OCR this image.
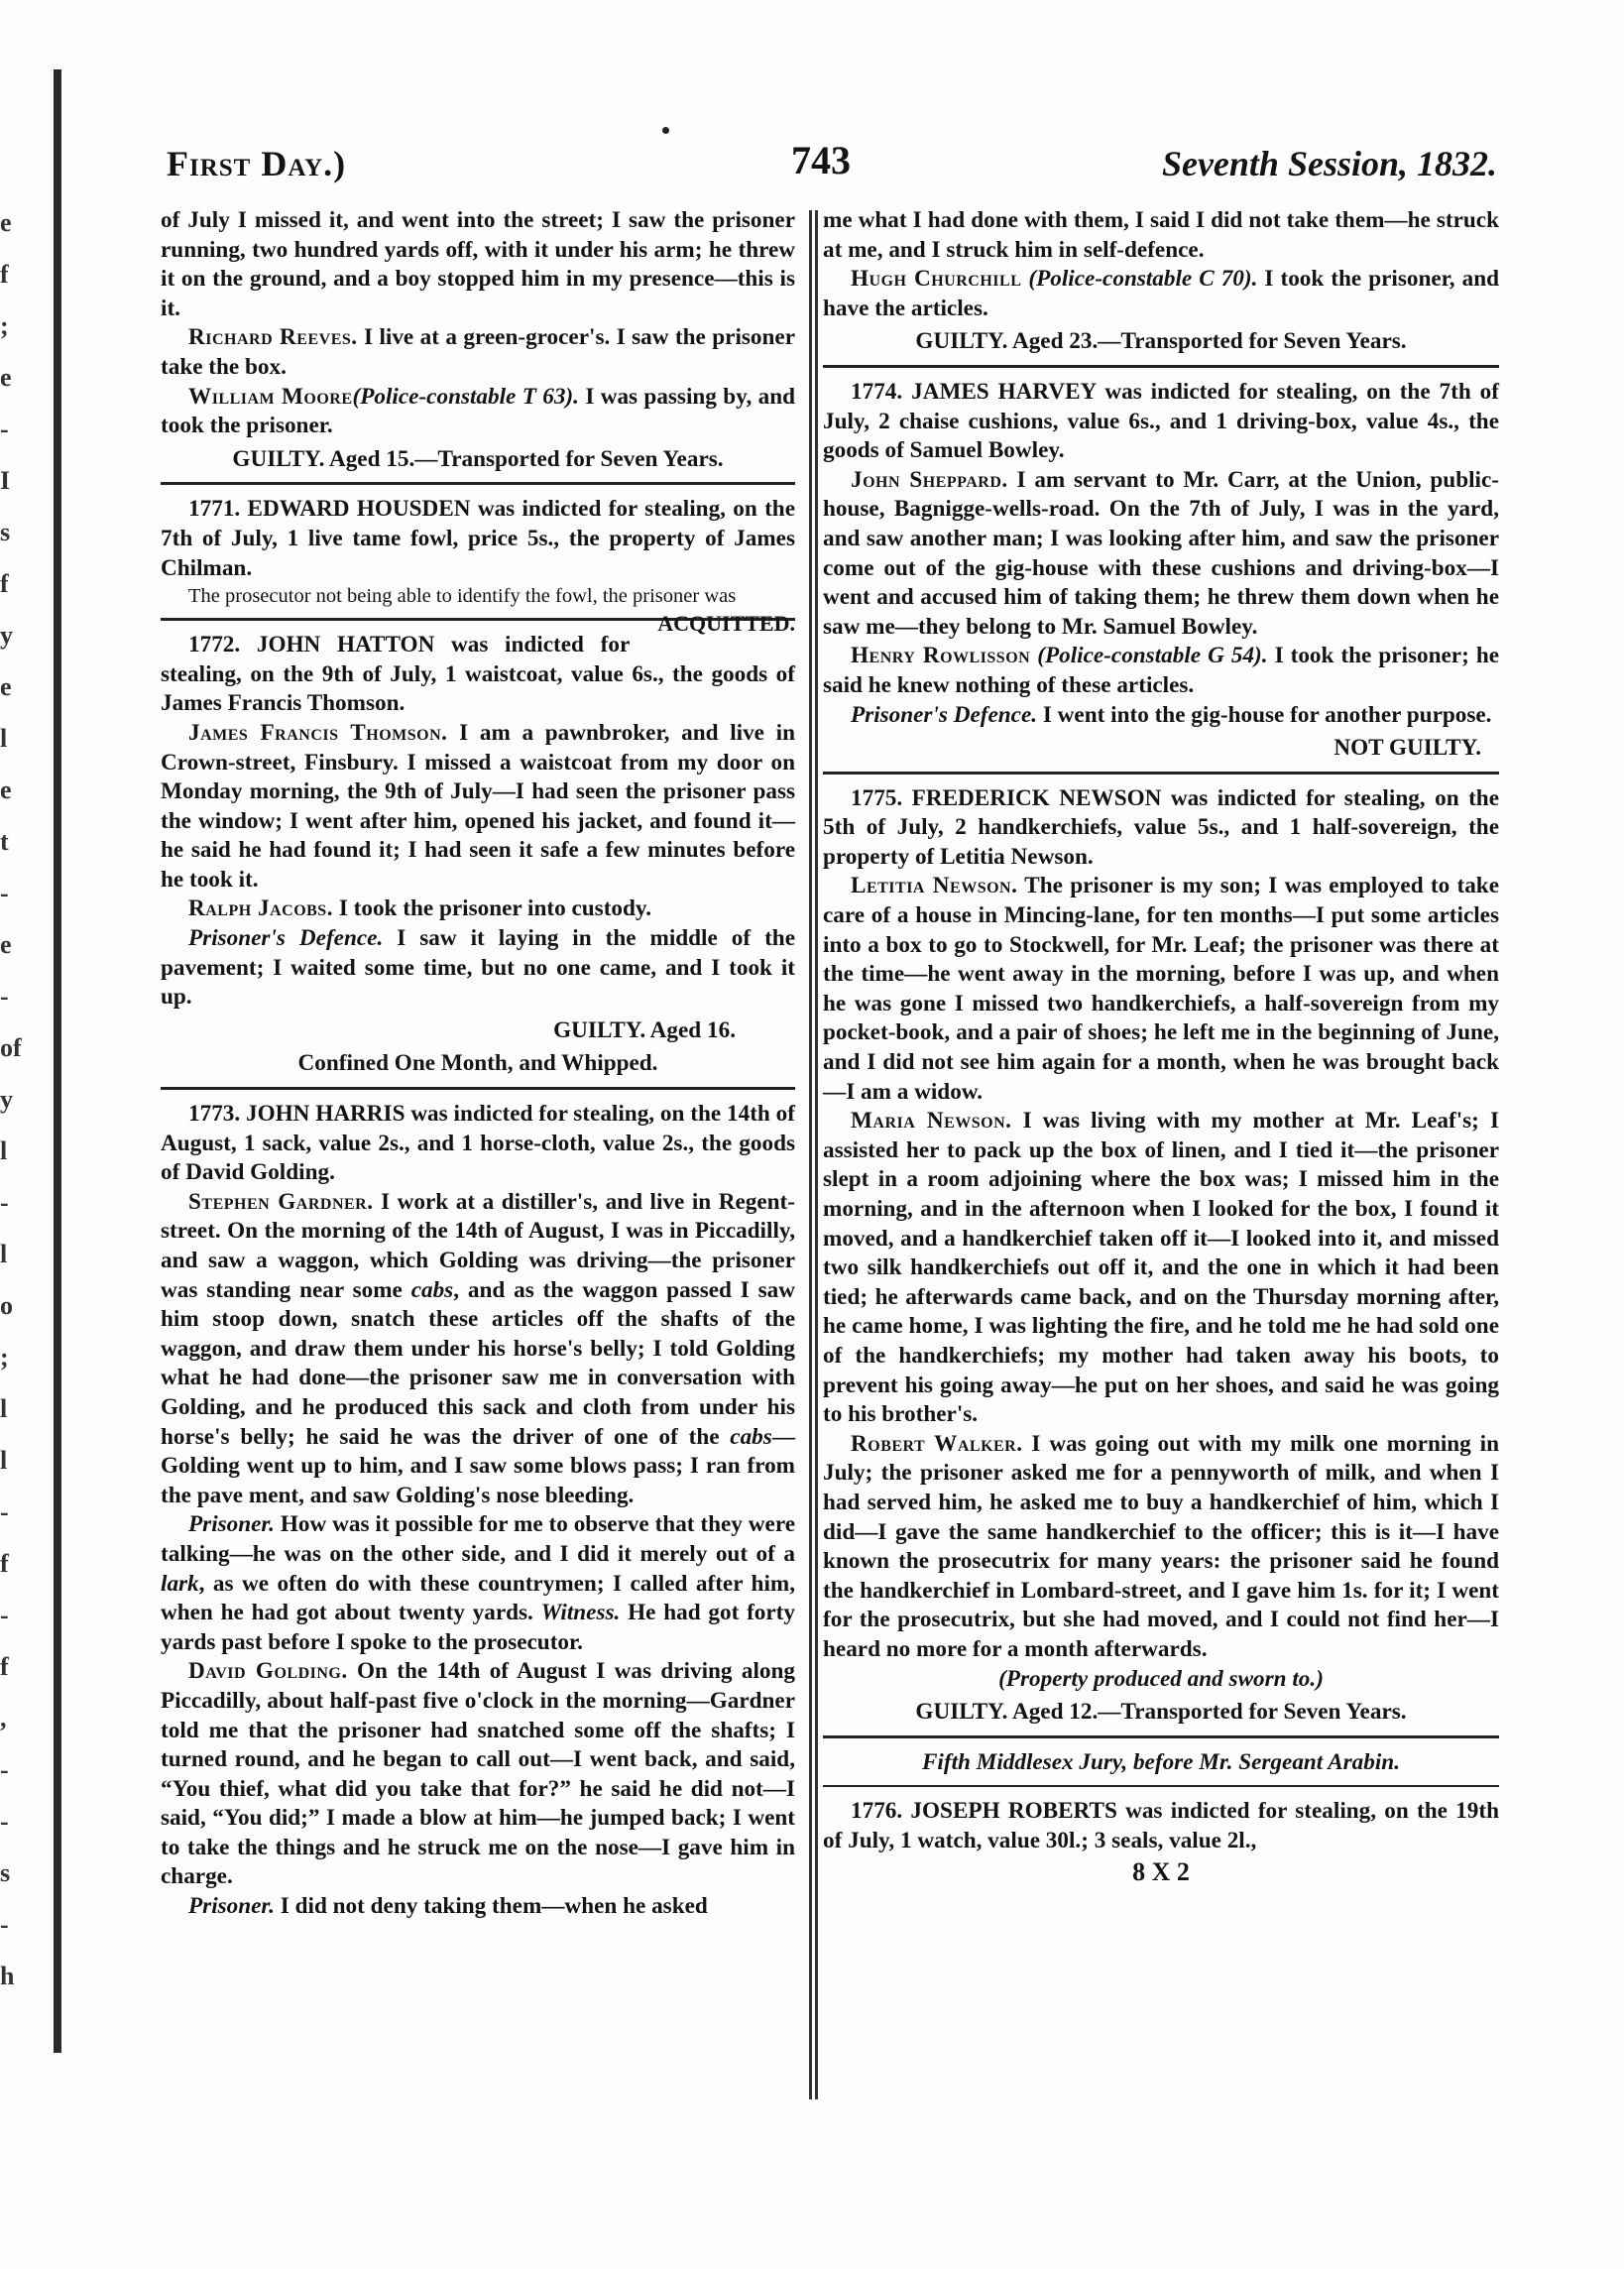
e
f
;
e
-
I
s
f
y
e
l
e
t
-
e
-
of
y
l
-
l
o
;
l
l
-
f
-
f
,
-
-
s
-
h
First Day.)	743	Seventh Session, 1832.

of July I missed it, and went into the street; I saw the prisoner running, two hundred yards off, with it under his arm; he threw it on the ground, and a boy stopped him in my presence—this is it.

Richard Reeves. I live at a green-grocer's. I saw the prisoner take the box.

William Moore(Police-constable T 63). I was passing by, and took the prisoner.

GUILTY. Aged 15.—Transported for Seven Years.

1771. EDWARD HOUSDEN was indicted for stealing, on the 7th of July, 1 live tame fowl, price 5s., the property of James Chilman.

The prosecutor not being able to identify the fowl, the prisoner was
ACQUITTED.

1772. JOHN HATTON was indicted for stealing, on the 9th of July, 1 waistcoat, value 6s., the goods of James Francis Thomson.

James Francis Thomson. I am a pawnbroker, and live in Crown-street, Finsbury. I missed a waistcoat from my door on Monday morning, the 9th of July—I had seen the prisoner pass the window; I went after him, opened his jacket, and found it—he said he had found it; I had seen it safe a few minutes before he took it.

Ralph Jacobs. I took the prisoner into custody.

Prisoner's Defence. I saw it laying in the middle of the pavement; I waited some time, but no one came, and I took it up.

GUILTY. Aged 16.

Confined One Month, and Whipped.

1773. JOHN HARRIS was indicted for stealing, on the 14th of August, 1 sack, value 2s., and 1 horse-cloth, value 2s., the goods of David Golding.

Stephen Gardner. I work at a distiller's, and live in Regent-street. On the morning of the 14th of August, I was in Piccadilly, and saw a waggon, which Golding was driving—the prisoner was standing near some cabs, and as the waggon passed I saw him stoop down, snatch these articles off the shafts of the waggon, and draw them under his horse's belly; I told Golding what he had done—the prisoner saw me in conversation with Golding, and he produced this sack and cloth from under his horse's belly; he said he was the driver of one of the cabs—Golding went up to him, and I saw some blows pass; I ran from the pave ment, and saw Golding's nose bleeding.

Prisoner. How was it possible for me to observe that they were talking—he was on the other side, and I did it merely out of a lark, as we often do with these countrymen; I called after him, when he had got about twenty yards. Witness. He had got forty yards past before I spoke to the prosecutor.

David Golding. On the 14th of August I was driving along Piccadilly, about half-past five o'clock in the morning—Gardner told me that the prisoner had snatched some off the shafts; I turned round, and he began to call out—I went back, and said, “You thief, what did you take that for?” he said he did not—I said, “You did;” I made a blow at him—he jumped back; I went to take the things and he struck me on the nose—I gave him in charge.

Prisoner. I did not deny taking them—when he asked

me what I had done with them, I said I did not take them—he struck at me, and I struck him in self-defence.

Hugh Churchill (Police-constable C 70). I took the prisoner, and have the articles.

GUILTY. Aged 23.—Transported for Seven Years.

1774. JAMES HARVEY was indicted for stealing, on the 7th of July, 2 chaise cushions, value 6s., and 1 driving-box, value 4s., the goods of Samuel Bowley.

John Sheppard. I am servant to Mr. Carr, at the Union, public-house, Bagnigge-wells-road. On the 7th of July, I was in the yard, and saw another man; I was looking after him, and saw the prisoner come out of the gig-house with these cushions and driving-box—I went and accused him of taking them; he threw them down when he saw me—they belong to Mr. Samuel Bowley.

Henry Rowlisson (Police-constable G 54). I took the prisoner; he said he knew nothing of these articles.

Prisoner's Defence. I went into the gig-house for another purpose.

NOT GUILTY.

1775. FREDERICK NEWSON was indicted for stealing, on the 5th of July, 2 handkerchiefs, value 5s., and 1 half-sovereign, the property of Letitia Newson.

Letitia Newson. The prisoner is my son; I was employed to take care of a house in Mincing-lane, for ten months—I put some articles into a box to go to Stockwell, for Mr. Leaf; the prisoner was there at the time—he went away in the morning, before I was up, and when he was gone I missed two handkerchiefs, a half-sovereign from my pocket-book, and a pair of shoes; he left me in the beginning of June, and I did not see him again for a month, when he was brought back—I am a widow.

Maria Newson. I was living with my mother at Mr. Leaf's; I assisted her to pack up the box of linen, and I tied it—the prisoner slept in a room adjoining where the box was; I missed him in the morning, and in the afternoon when I looked for the box, I found it moved, and a handkerchief taken off it—I looked into it, and missed two silk handkerchiefs out off it, and the one in which it had been tied; he afterwards came back, and on the Thursday morning after, he came home, I was lighting the fire, and he told me he had sold one of the handkerchiefs; my mother had taken away his boots, to prevent his going away—he put on her shoes, and said he was going to his brother's.

Robert Walker. I was going out with my milk one morning in July; the prisoner asked me for a pennyworth of milk, and when I had served him, he asked me to buy a handkerchief of him, which I did—I gave the same handkerchief to the officer; this is it—I have known the prosecutrix for many years: the prisoner said he found the handkerchief in Lombard-street, and I gave him 1s. for it; I went for the prosecutrix, but she had moved, and I could not find her—I heard no more for a month afterwards.

(Property produced and sworn to.)

GUILTY. Aged 12.—Transported for Seven Years.

Fifth Middlesex Jury, before Mr. Sergeant Arabin.

1776. JOSEPH ROBERTS was indicted for stealing, on the 19th of July, 1 watch, value 30l.; 3 seals, value 2l.,

8 X 2
